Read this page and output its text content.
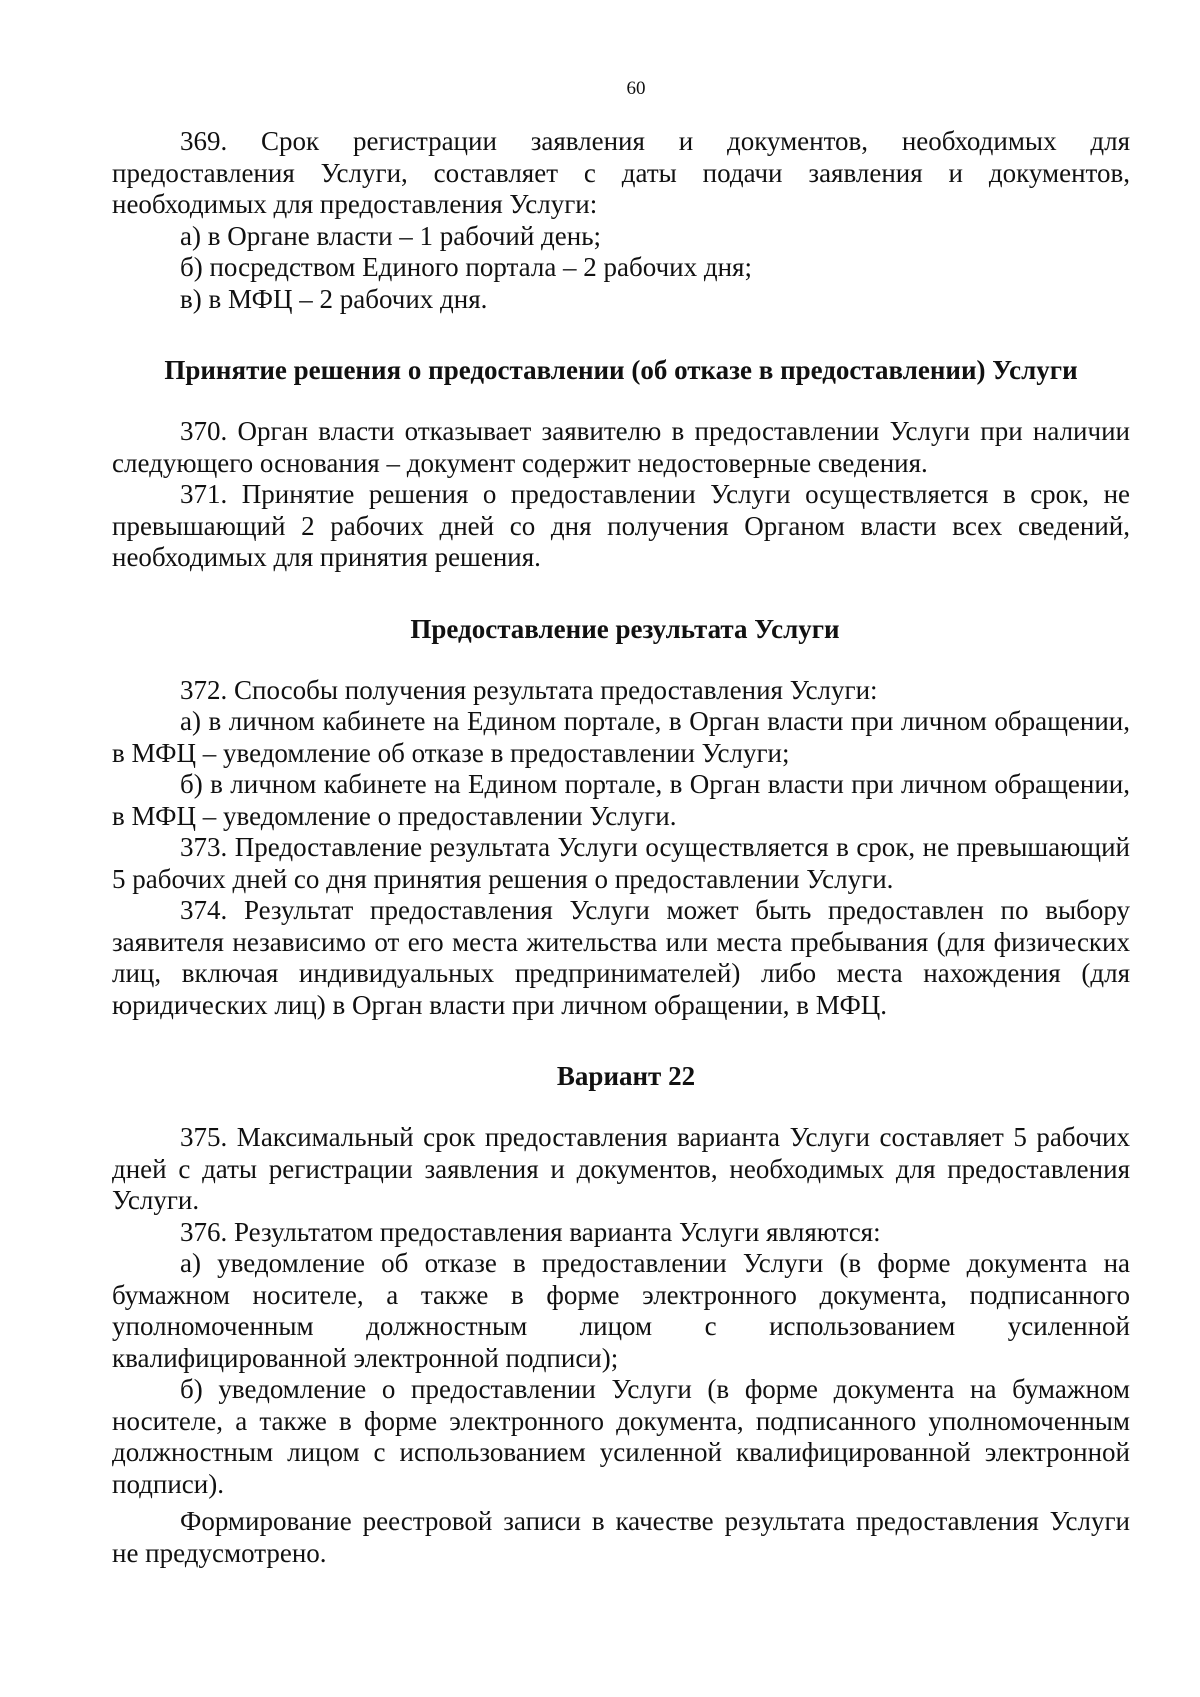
60

369. Срок регистрации заявления и документов, необходимых для предоставления Услуги, составляет с даты подачи заявления и документов, необходимых для предоставления Услуги:

а) в Органе власти – 1 рабочий день;

б) посредством Единого портала – 2 рабочих дня;

в) в МФЦ – 2 рабочих дня.

Принятие решения о предоставлении (об отказе в предоставлении) Услуги

370. Орган власти отказывает заявителю в предоставлении Услуги при наличии следующего основания – документ содержит недостоверные сведения.

371. Принятие решения о предоставлении Услуги осуществляется в срок, не превышающий 2 рабочих дней со дня получения Органом власти всех сведений, необходимых для принятия решения.

Предоставление результата Услуги

372. Способы получения результата предоставления Услуги:

а) в личном кабинете на Едином портале, в Орган власти при личном обращении, в МФЦ – уведомление об отказе в предоставлении Услуги;

б) в личном кабинете на Едином портале, в Орган власти при личном обращении, в МФЦ – уведомление о предоставлении Услуги.

373. Предоставление результата Услуги осуществляется в срок, не превышающий 5 рабочих дней со дня принятия решения о предоставлении Услуги.

374. Результат предоставления Услуги может быть предоставлен по выбору заявителя независимо от его места жительства или места пребывания (для физических лиц, включая индивидуальных предпринимателей) либо места нахождения (для юридических лиц) в Орган власти при личном обращении, в МФЦ.

Вариант 22

375. Максимальный срок предоставления варианта Услуги составляет 5 рабочих дней с даты регистрации заявления и документов, необходимых для предоставления Услуги.

376. Результатом предоставления варианта Услуги являются:

а) уведомление об отказе в предоставлении Услуги (в форме документа на бумажном носителе, а также в форме электронного документа, подписанного уполномоченным должностным лицом с использованием усиленной квалифицированной электронной подписи);

б) уведомление о предоставлении Услуги (в форме документа на бумажном носителе, а также в форме электронного документа, подписанного уполномоченным должностным лицом с использованием усиленной квалифицированной электронной подписи).

Формирование реестровой записи в качестве результата предоставления Услуги не предусмотрено.
